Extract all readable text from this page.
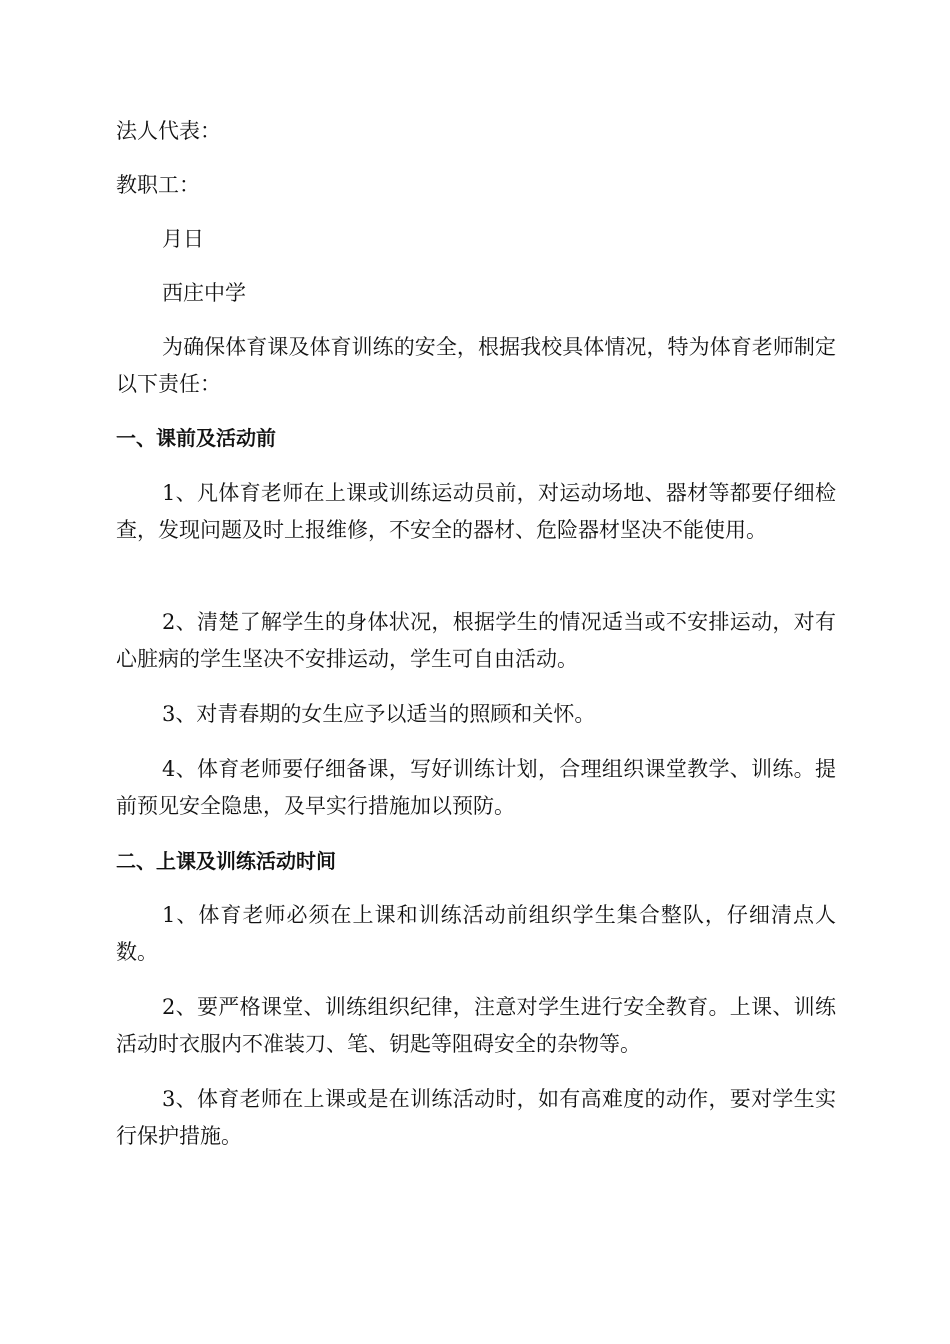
法人代表：
教职工：
月日
西庄中学
为确保体育课及体育训练的安全，根据我校具体情况，特为体育老师制定以下责任：
一、课前及活动前
1、凡体育老师在上课或训练运动员前，对运动场地、器材等都要仔细检查，发现问题及时上报维修，不安全的器材、危险器材坚决不能使用。
2、清楚了解学生的身体状况，根据学生的情况适当或不安排运动，对有心脏病的学生坚决不安排运动，学生可自由活动。
3、对青春期的女生应予以适当的照顾和关怀。
4、体育老师要仔细备课，写好训练计划，合理组织课堂教学、训练。提前预见安全隐患，及早实行措施加以预防。
二、上课及训练活动时间
1、体育老师必须在上课和训练活动前组织学生集合整队，仔细清点人数。
2、要严格课堂、训练组织纪律，注意对学生进行安全教育。上课、训练活动时衣服内不准装刀、笔、钥匙等阻碍安全的杂物等。
3、体育老师在上课或是在训练活动时，如有高难度的动作，要对学生实行保护措施。
